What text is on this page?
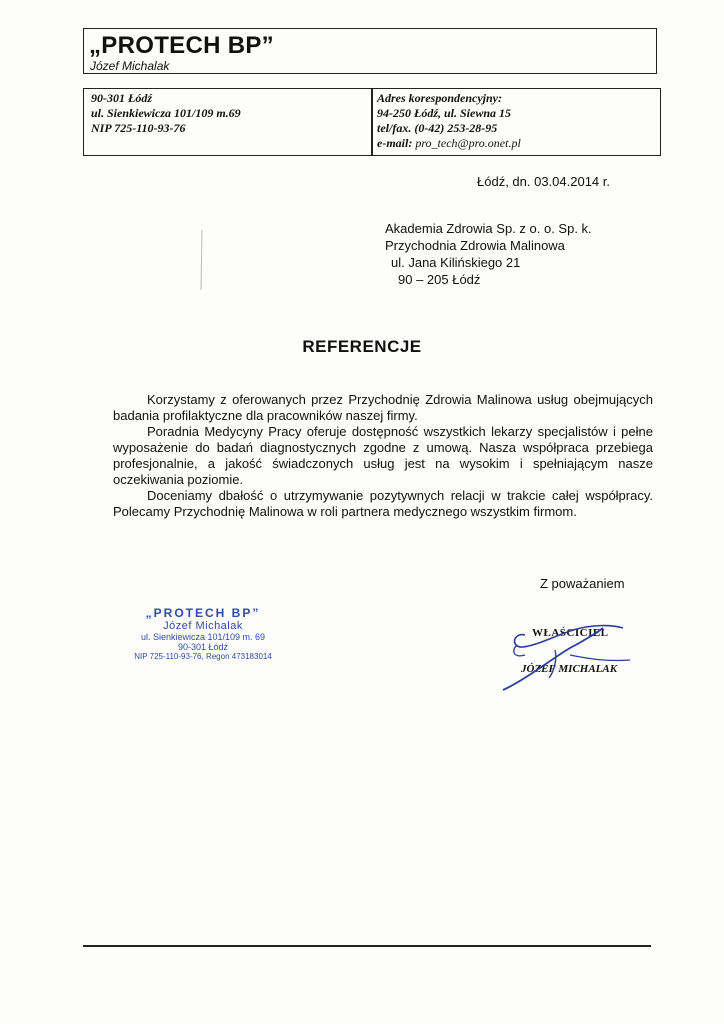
„PROTECH BP”
Józef Michalak
90-301 Łódź
ul. Sienkiewicza 101/109 m.69
NIP 725-110-93-76
Adres korespondencyjny:
94-250 Łódź, ul. Siewna 15
tel/fax. (0-42) 253-28-95
e-mail: pro_tech@pro.onet.pl
Łódź, dn. 03.04.2014 r.
Akademia Zdrowia Sp. z o. o. Sp. k.
Przychodnia Zdrowia Malinowa
ul. Jana Kilińskiego 21
90 – 205 Łódź
REFERENCJE

Korzystamy z oferowanych przez Przychodnię Zdrowia Malinowa usług obejmujących badania profilaktyczne dla pracowników naszej firmy.

Poradnia Medycyny Pracy oferuje dostępność wszystkich lekarzy specjalistów i pełne wyposażenie do badań diagnostycznych zgodne z umową. Nasza współpraca przebiega profesjonalnie, a jakość świadczonych usług jest na wysokim i spełniającym nasze oczekiwania poziomie.

Doceniamy dbałość o utrzymywanie pozytywnych relacji w trakcie całej współpracy. Polecamy Przychodnię Malinowa w roli partnera medycznego wszystkim firmom.

Z poważaniem
„PROTECH BP”
Józef Michalak
ul. Sienkiewicza 101/109 m. 69
90-301 Łódź
NIP 725-110-93-76, Regon 473183014
WŁAŚCICIEL
JÓZEF MICHALAK
